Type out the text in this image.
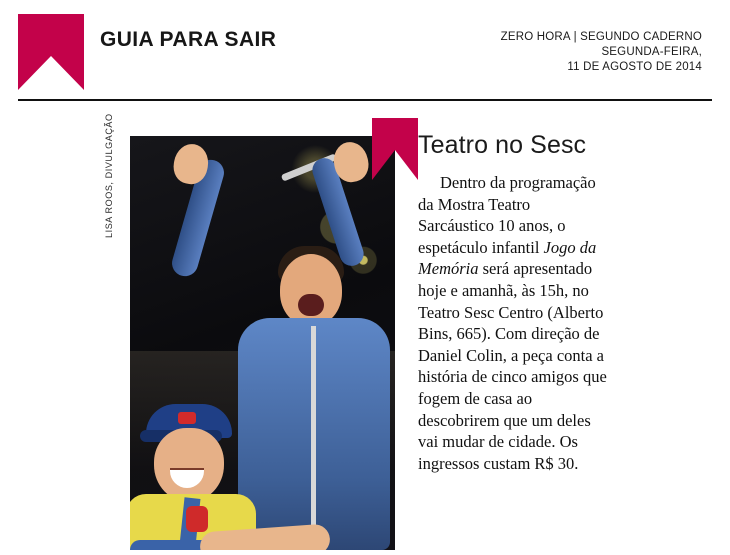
GUIA PARA SAIR	ZERO HORA | SEGUNDO CADERNO
SEGUNDA-FEIRA,
11 DE AGOSTO DE 2014
LISA ROOS, DIVULGAÇÃO	Teatro no Sesc

Dentro da programação da Mostra Teatro Sarcáustico 10 anos, o espetáculo infantil Jogo da Memória será apresentado hoje e amanhã, às 15h, no Teatro Sesc Centro (Alberto Bins, 665). Com direção de Daniel Colin, a peça conta a história de cinco amigos que fogem de casa ao descobrirem que um deles vai mudar de cidade. Os ingressos custam R$ 30.
